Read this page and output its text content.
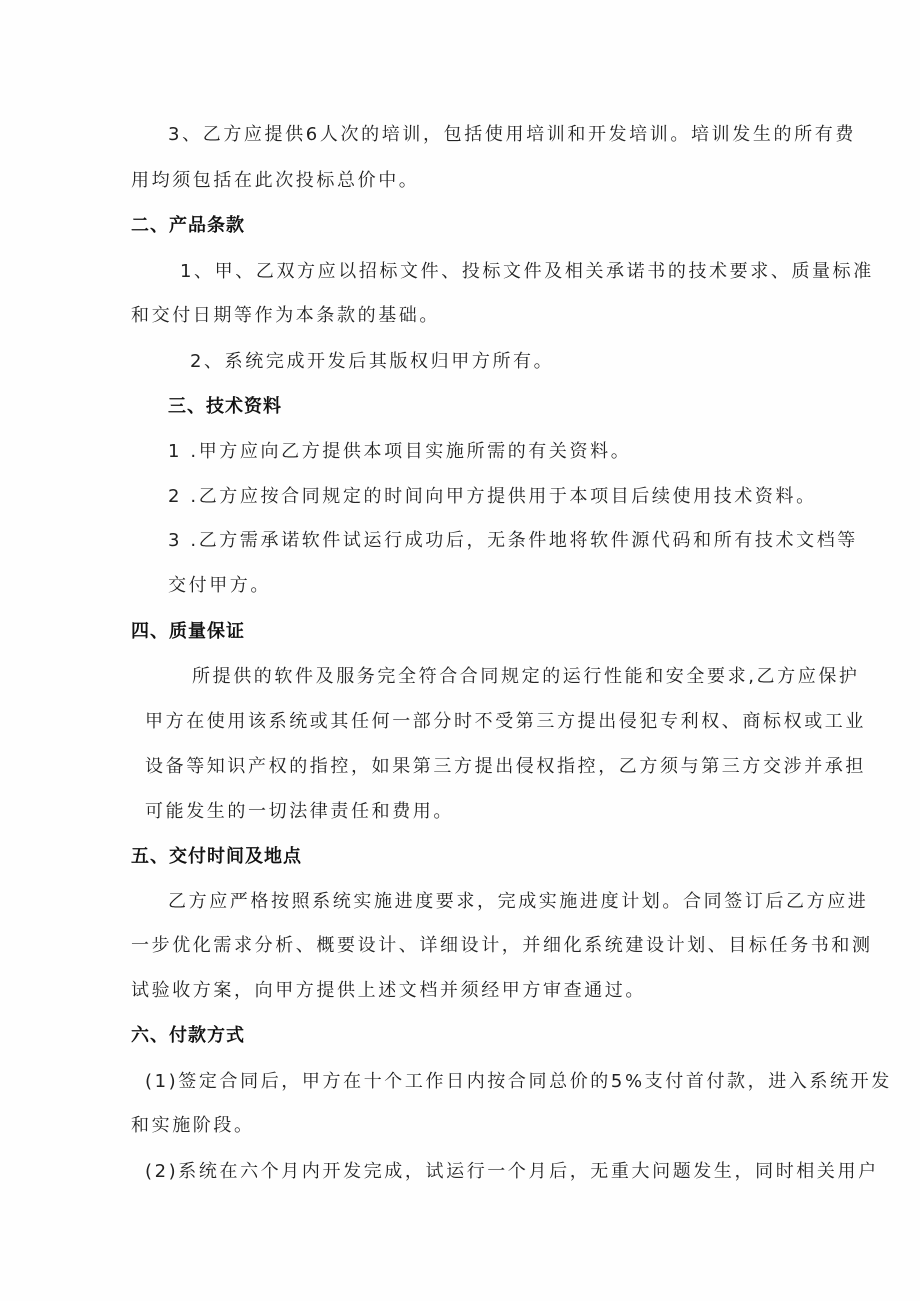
3、乙方应提供6人次的培训，包括使用培训和开发培训。培训发生的所有费
用均须包括在此次投标总价中。
二、产品条款
1、甲、乙双方应以招标文件、投标文件及相关承诺书的技术要求、质量标准
和交付日期等作为本条款的基础。
2、系统完成开发后其版权归甲方所有。
三、技术资料
1 .甲方应向乙方提供本项目实施所需的有关资料。
2 .乙方应按合同规定的时间向甲方提供用于本项目后续使用技术资料。
3 .乙方需承诺软件试运行成功后，无条件地将软件源代码和所有技术文档等
交付甲方。
四、质量保证
所提供的软件及服务完全符合合同规定的运行性能和安全要求,乙方应保护
甲方在使用该系统或其任何一部分时不受第三方提出侵犯专利权、商标权或工业
设备等知识产权的指控，如果第三方提出侵权指控，乙方须与第三方交涉并承担
可能发生的一切法律责任和费用。
五、交付时间及地点
乙方应严格按照系统实施进度要求，完成实施进度计划。合同签订后乙方应进
一步优化需求分析、概要设计、详细设计，并细化系统建设计划、目标任务书和测
试验收方案，向甲方提供上述文档并须经甲方审查通过。
六、付款方式
(1)签定合同后，甲方在十个工作日内按合同总价的5%支付首付款，进入系统开发
和实施阶段。
(2)系统在六个月内开发完成，试运行一个月后，无重大问题发生，同时相关用户
